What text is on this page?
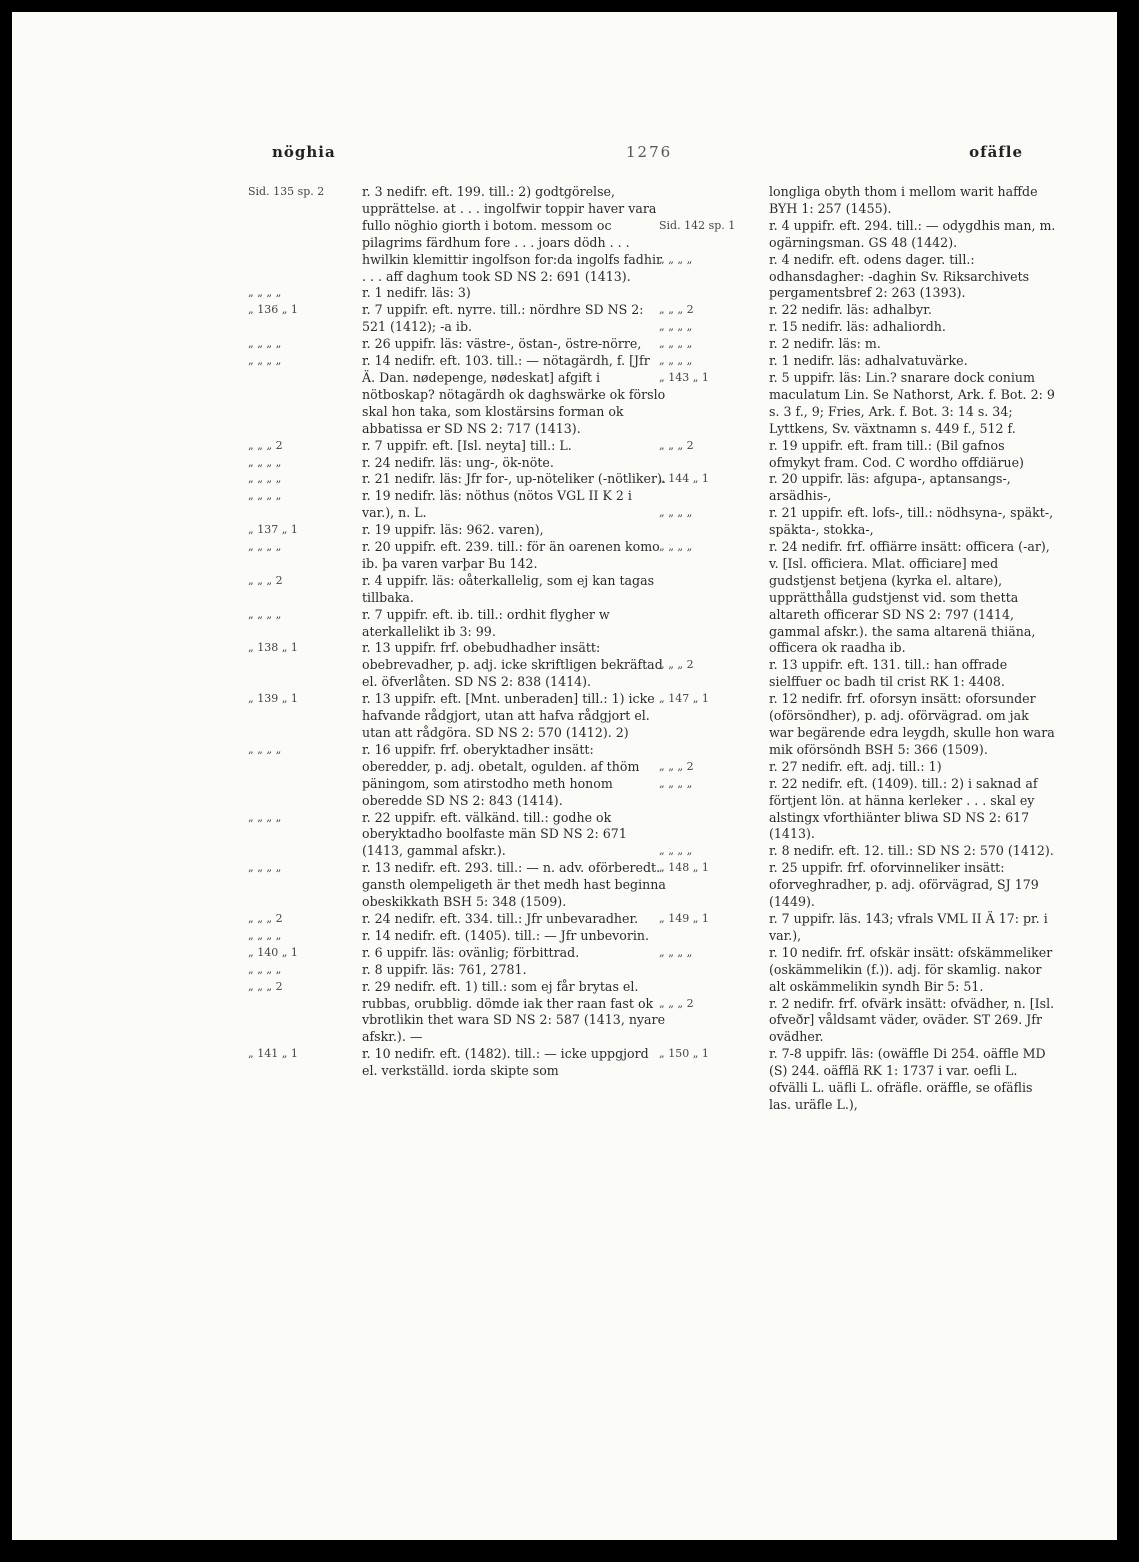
nöghia	1276	ofäfle
Sid. 135 sp. 2	r. 3 nedifr. eft. 199. till.: 2) godtgörelse, upprättelse. at . . . ingolfwir toppir haver vara fullo nöghio giorth i botom. messom oc pilagrims färdhum fore . . . joars dödh . . . hwilkin klemittir ingolfson for:da ingolfs fadhir . . . aff daghum took SD NS 2: 691 (1413).
„ „ „ „	r. 1 nedifr. läs: 3)
„ 136 „ 1	r. 7 uppifr. eft. nyrre. till.: nördhre SD NS 2: 521 (1412); -a ib.
„ „ „ „	r. 26 uppifr. läs: västre-, östan-, östre-nörre,
„ „ „ „	r. 14 nedifr. eft. 103. till.: — nötagärdh, f. [Jfr Ä. Dan. nødepenge, nødeskat] afgift i nötboskap? nötagärdh ok daghswärke ok förslo skal hon taka, som klostärsins forman ok abbatissa er SD NS 2: 717 (1413).
„ „ „ 2	r. 7 uppifr. eft. [Isl. neyta] till.: L.
„ „ „ „	r. 24 nedifr. läs: ung-, ök-nöte.
„ „ „ „	r. 21 nedifr. läs: Jfr for-, up-nöteliker (-nötliker).
„ „ „ „	r. 19 nedifr. läs: nöthus (nötos VGL II K 2 i var.), n. L.
„ 137 „ 1	r. 19 uppifr. läs: 962. varen),
„ „ „ „	r. 20 uppifr. eft. 239. till.: för än oarenen komo ib. þa varen varþar Bu 142.
„ „ „ 2	r. 4 uppifr. läs: oåterkallelig, som ej kan tagas tillbaka.
„ „ „ „	r. 7 uppifr. eft. ib. till.: ordhit flygher w aterkallelikt ib 3: 99.
„ 138 „ 1	r. 13 uppifr. frf. obebudhadher insätt: obebrevadher, p. adj. icke skriftligen bekräftad el. öfverlåten. SD NS 2: 838 (1414).
„ 139 „ 1	r. 13 uppifr. eft. [Mnt. unberaden] till.: 1) icke hafvande rådgjort, utan att hafva rådgjort el. utan att rådgöra. SD NS 2: 570 (1412). 2)
„ „ „ „	r. 16 uppifr. frf. oberyktadher insätt: oberedder, p. adj. obetalt, ogulden. af thöm päningom, som atirstodho meth honom oberedde SD NS 2: 843 (1414).
„ „ „ „	r. 22 uppifr. eft. välkänd. till.: godhe ok oberyktadho boolfaste män SD NS 2: 671 (1413, gammal afskr.).
„ „ „ „	r. 13 nedifr. eft. 293. till.: — n. adv. oförberedt. gansth olempeligeth är thet medh hast beginna obeskikkath BSH 5: 348 (1509).
„ „ „ 2	r. 24 nedifr. eft. 334. till.: Jfr unbevaradher.
„ „ „ „	r. 14 nedifr. eft. (1405). till.: — Jfr unbevorin.
„ 140 „ 1	r. 6 uppifr. läs: ovänlig; förbittrad.
„ „ „ „	r. 8 uppifr. läs: 761, 2781.
„ „ „ 2	r. 29 nedifr. eft. 1) till.: som ej får brytas el. rubbas, orubblig. dömde iak ther raan fast ok vbrotlikin thet wara SD NS 2: 587 (1413, nyare afskr.). —
„ 141 „ 1	r. 10 nedifr. eft. (1482). till.: — icke uppgjord el. verkställd. iorda skipte som
longliga obyth thom i mellom warit haffde BYH 1: 257 (1455).
Sid. 142 sp. 1	r. 4 uppifr. eft. 294. till.: — odygdhis man, m. ogärningsman. GS 48 (1442).
„ „ „ „	r. 4 nedifr. eft. odens dager. till.: odhansdagher: -daghin Sv. Riksarchivets pergamentsbref 2: 263 (1393).
„ „ „ 2	r. 22 nedifr. läs: adhalbyr.
„ „ „ „	r. 15 nedifr. läs: adhaliordh.
„ „ „ „	r. 2 nedifr. läs: m.
„ „ „ „	r. 1 nedifr. läs: adhalvatuvärke.
„ 143 „ 1	r. 5 uppifr. läs: Lin.? snarare dock conium maculatum Lin. Se Nathorst, Ark. f. Bot. 2: 9 s. 3 f., 9; Fries, Ark. f. Bot. 3: 14 s. 34; Lyttkens, Sv. växtnamn s. 449 f., 512 f.
„ „ „ 2	r. 19 uppifr. eft. fram till.: (Bil gafnos ofmykyt fram. Cod. C wordho offdiärue)
„ 144 „ 1	r. 20 uppifr. läs: afgupa-, aptansangs-, arsädhis-,
„ „ „ „	r. 21 uppifr. eft. lofs-, till.: nödhsyna-, späkt-, späkta-, stokka-,
„ „ „ „	r. 24 nedifr. frf. offiärre insätt: officera (-ar), v. [Isl. officiera. Mlat. officiare] med gudstjenst betjena (kyrka el. altare), upprätthålla gudstjenst vid. som thetta altareth officerar SD NS 2: 797 (1414, gammal afskr.). the sama altarenä thiäna, officera ok raadha ib.
„ „ „ 2	r. 13 uppifr. eft. 131. till.: han offrade sielffuer oc badh til crist RK 1: 4408.
„ 147 „ 1	r. 12 nedifr. frf. oforsyn insätt: oforsunder (oförsöndher), p. adj. oförvägrad. om jak war begärende edra leygdh, skulle hon wara mik oförsöndh BSH 5: 366 (1509).
„ „ „ 2	r. 27 nedifr. eft. adj. till.: 1)
„ „ „ „	r. 22 nedifr. eft. (1409). till.: 2) i saknad af förtjent lön. at hänna kerleker . . . skal ey alstingx vforthiänter bliwa SD NS 2: 617 (1413).
„ „ „ „	r. 8 nedifr. eft. 12. till.: SD NS 2: 570 (1412).
„ 148 „ 1	r. 25 uppifr. frf. oforvinneliker insätt: oforveghradher, p. adj. oförvägrad, SJ 179 (1449).
„ 149 „ 1	r. 7 uppifr. läs. 143; vfrals VML II Ä 17: pr. i var.),
„ „ „ „	r. 10 nedifr. frf. ofskär insätt: ofskämmeliker (oskämmelikin (f.)). adj. för skamlig. nakor alt oskämmelikin syndh Bir 5: 51.
„ „ „ 2	r. 2 nedifr. frf. ofvärk insätt: ofvädher, n. [Isl. ofveðr] våldsamt väder, oväder. ST 269. Jfr ovädher.
„ 150 „ 1	r. 7-8 uppifr. läs: (owäffle Di 254. oäffle MD (S) 244. oäfflä RK 1: 1737 i var. oefli L. ofvälli L. uäfli L. ofräfle. oräffle, se ofäflis las. uräfle L.),
